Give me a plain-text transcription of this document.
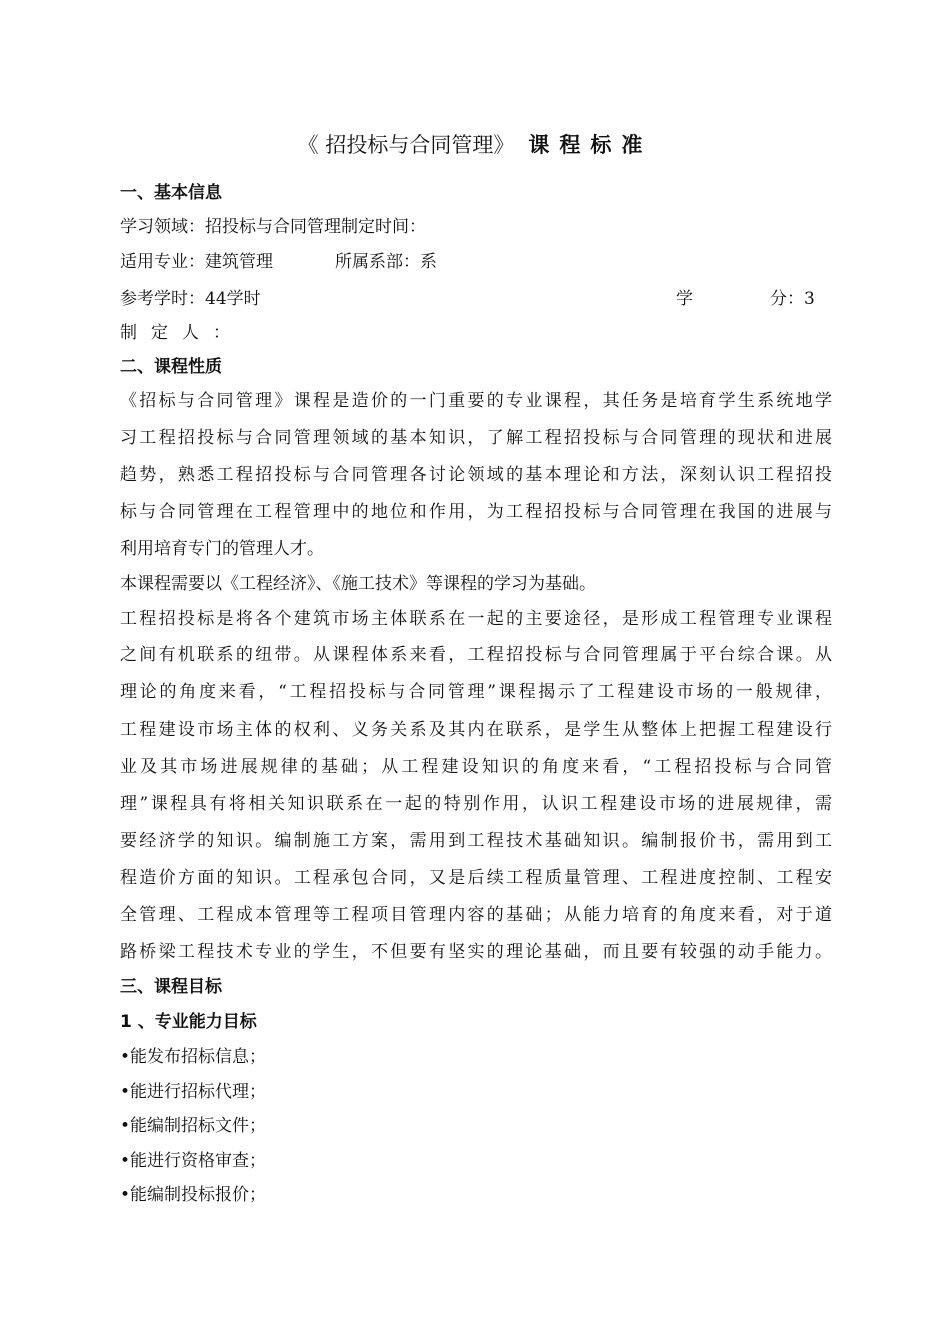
《 招投标与合同管理》 课程标准
一、基本信息
学习领域：招投标与合同管理制定时间：
适用专业：建筑管理	所属系部：系
参考学时：44学时	学	分：3
制定人：
二、课程性质
《招标与合同管理》课程是造价的一门重要的专业课程，其任务是培育学生系统地学
习工程招投标与合同管理领域的基本知识，了解工程招投标与合同管理的现状和进展
趋势，熟悉工程招投标与合同管理各讨论领域的基本理论和方法，深刻认识工程招投
标与合同管理在工程管理中的地位和作用，为工程招投标与合同管理在我国的进展与
利用培育专门的管理人才。
本课程需要以《工程经济》、《施工技术》等课程的学习为基础。
工程招投标是将各个建筑市场主体联系在一起的主要途径，是形成工程管理专业课程
之间有机联系的纽带。从课程体系来看，工程招投标与合同管理属于平台综合课。从
理论的角度来看，“工程招投标与合同管理”课程揭示了工程建设市场的一般规律，
工程建设市场主体的权利、义务关系及其内在联系，是学生从整体上把握工程建设行
业及其市场进展规律的基础；从工程建设知识的角度来看，“工程招投标与合同管
理”课程具有将相关知识联系在一起的特别作用，认识工程建设市场的进展规律，需
要经济学的知识。编制施工方案，需用到工程技术基础知识。编制报价书，需用到工
程造价方面的知识。工程承包合同，又是后续工程质量管理、工程进度控制、工程安
全管理、工程成本管理等工程项目管理内容的基础；从能力培育的角度来看，对于道
路桥梁工程技术专业的学生，不但要有坚实的理论基础，而且要有较强的动手能力。
三、课程目标
1 、专业能力目标
•能发布招标信息；
•能进行招标代理；
•能编制招标文件；
•能进行资格审查；
•能编制投标报价；
